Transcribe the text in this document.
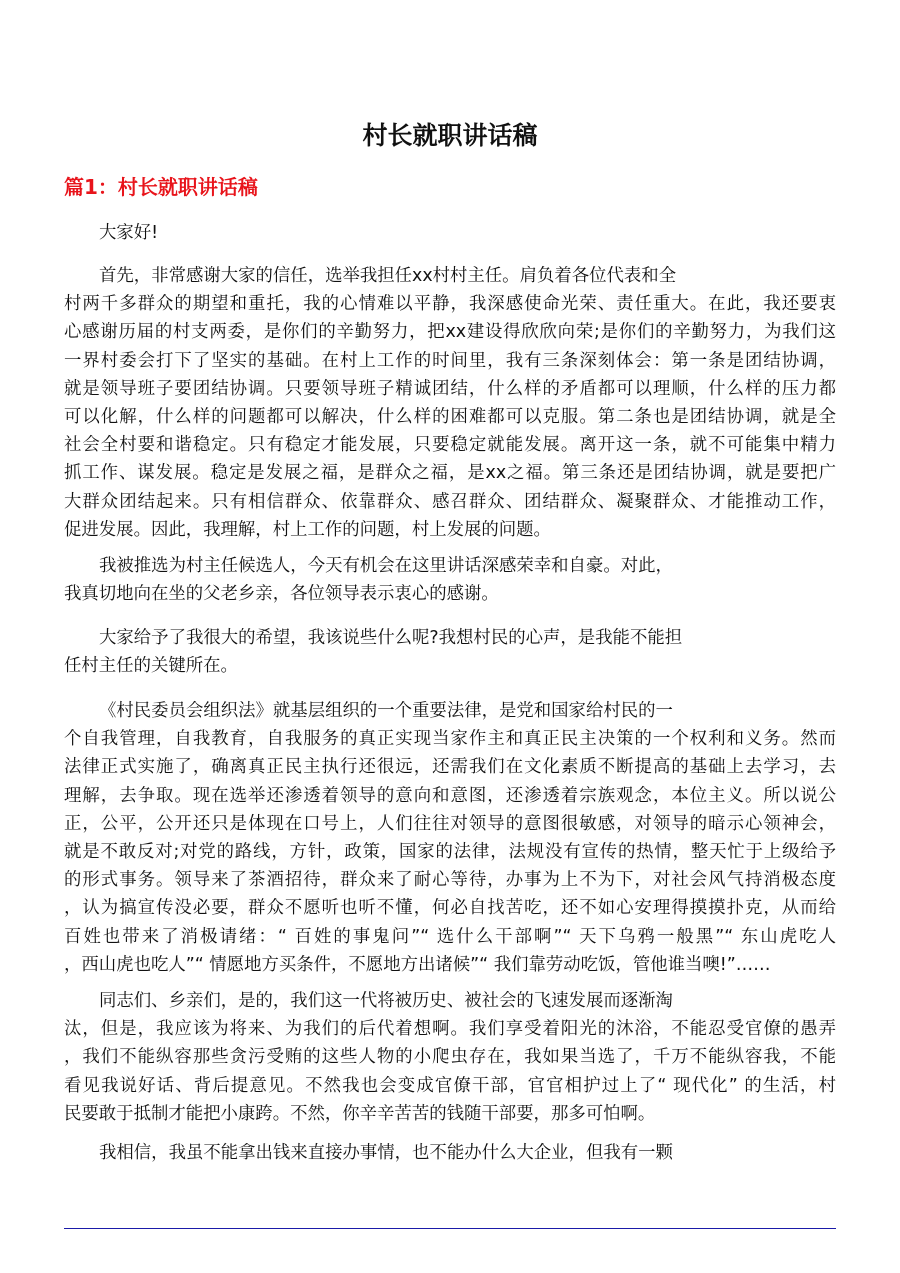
村长就职讲话稿
篇1：村长就职讲话稿
大家好!
首先，非常感谢大家的信任，选举我担任xx村村主任。肩负着各位代表和全
村两千多群众的期望和重托，我的心情难以平静，我深感使命光荣、责任重大。在此，我还要衷
心感谢历届的村支两委，是你们的辛勤努力，把xx建设得欣欣向荣;是你们的辛勤努力，为我们这
一界村委会打下了坚实的基础。在村上工作的时间里，我有三条深刻体会：第一条是团结协调，
就是领导班子要团结协调。只要领导班子精诚团结，什么样的矛盾都可以理顺，什么样的压力都
可以化解，什么样的问题都可以解决，什么样的困难都可以克服。第二条也是团结协调，就是全
社会全村要和谐稳定。只有稳定才能发展，只要稳定就能发展。离开这一条，就不可能集中精力
抓工作、谋发展。稳定是发展之福，是群众之福，是xx之福。第三条还是团结协调，就是要把广
大群众团结起来。只有相信群众、依靠群众、感召群众、团结群众、凝聚群众、才能推动工作，
促进发展。因此，我理解，村上工作的问题，村上发展的问题。
我被推选为村主任候选人，今天有机会在这里讲话深感荣幸和自豪。对此，
我真切地向在坐的父老乡亲，各位领导表示衷心的感谢。
大家给予了我很大的希望，我该说些什么呢?我想村民的心声，是我能不能担
任村主任的关键所在。
《村民委员会组织法》就基层组织的一个重要法律，是党和国家给村民的一
个自我管理，自我教育，自我服务的真正实现当家作主和真正民主决策的一个权利和义务。然而
法律正式实施了，确离真正民主执行还很远，还需我们在文化素质不断提高的基础上去学习，去
理解，去争取。现在选举还渗透着领导的意向和意图，还渗透着宗族观念，本位主义。所以说公
正，公平，公开还只是体现在口号上，人们往往对领导的意图很敏感，对领导的暗示心领神会，
就是不敢反对;对党的路线，方针，政策，国家的法律，法规没有宣传的热情，整天忙于上级给予
的形式事务。领导来了茶酒招待，群众来了耐心等待，办事为上不为下，对社会风气持消极态度
，认为搞宣传没必要，群众不愿听也听不懂，何必自找苦吃，还不如心安理得摸摸扑克，从而给
百姓也带来了消极请绪：“ 百姓的事鬼问”“ 选什么干部啊”“ 天下乌鸦一般黑”“ 东山虎吃人
，西山虎也吃人”“ 情愿地方买条件，不愿地方出诸候”“ 我们靠劳动吃饭，管他谁当噢!”……
同志们、乡亲们，是的，我们这一代将被历史、被社会的飞速发展而逐渐淘
汰，但是，我应该为将来、为我们的后代着想啊。我们享受着阳光的沐浴，不能忍受官僚的愚弄
，我们不能纵容那些贪污受贿的这些人物的小爬虫存在，我如果当选了，千万不能纵容我，不能
看见我说好话、背后提意见。不然我也会变成官僚干部，官官相护过上了“ 现代化” 的生活，村
民要敢于抵制才能把小康跨。不然，你辛辛苦苦的钱随干部要，那多可怕啊。
我相信，我虽不能拿出钱来直接办事情，也不能办什么大企业，但我有一颗
